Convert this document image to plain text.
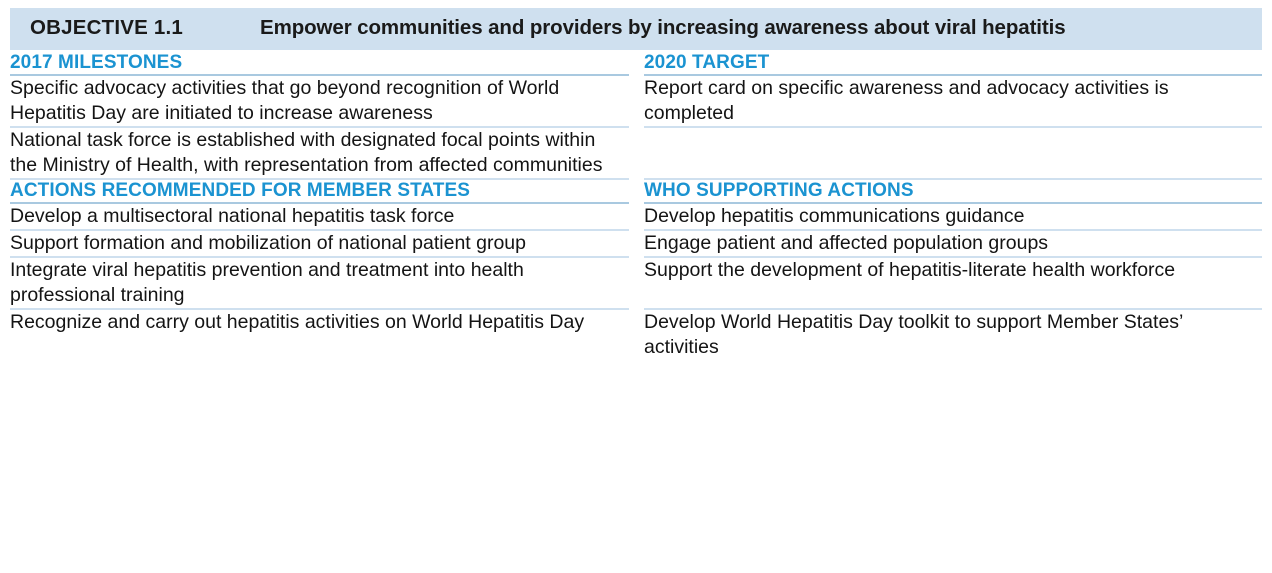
OBJECTIVE 1.1 Empower communities and providers by increasing awareness about viral hepatitis		

2017 MILESTONES		2020 TARGET
Specific advocacy activities that go beyond recognition of World Hepatitis Day are initiated to increase awareness		Report card on specific awareness and advocacy activities is completed
National task force is established with designated focal points within the Ministry of Health, with representation from affected communities		
ACTIONS RECOMMENDED FOR MEMBER STATES		WHO SUPPORTING ACTIONS
Develop a multisectoral national hepatitis task force		Develop hepatitis communications guidance
Support formation and mobilization of national patient group		Engage patient and affected population groups
Integrate viral hepatitis prevention and treatment into health professional training		Support the development of hepatitis-literate health workforce
Recognize and carry out hepatitis activities on World Hepatitis Day		Develop World Hepatitis Day toolkit to support Member States’ activities
